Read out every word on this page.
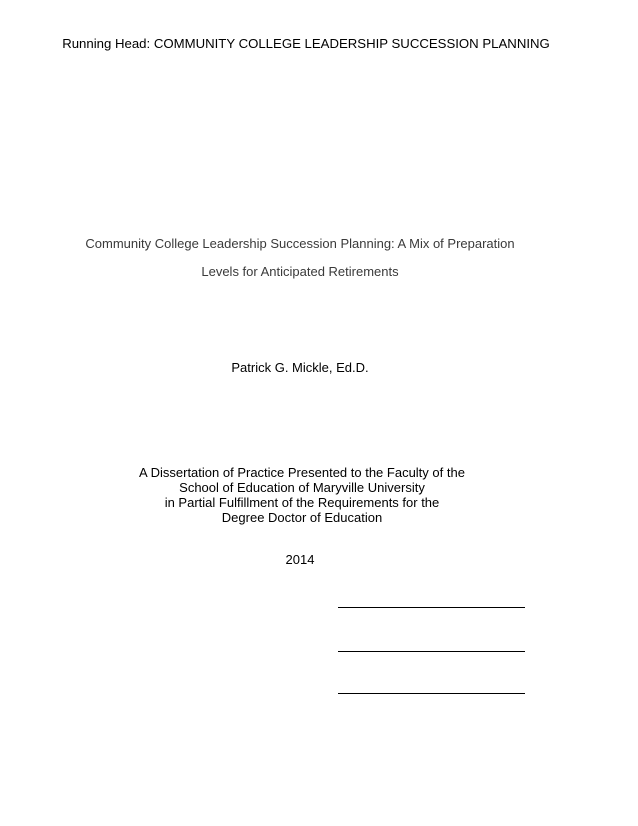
Running Head: COMMUNITY COLLEGE LEADERSHIP SUCCESSION PLANNING
Community College Leadership Succession Planning: A Mix of Preparation
Levels for Anticipated Retirements
Patrick G. Mickle, Ed.D.
A Dissertation of Practice Presented to the Faculty of the
School of Education of Maryville University
in Partial Fulfillment of the Requirements for the
Degree Doctor of Education
2014
